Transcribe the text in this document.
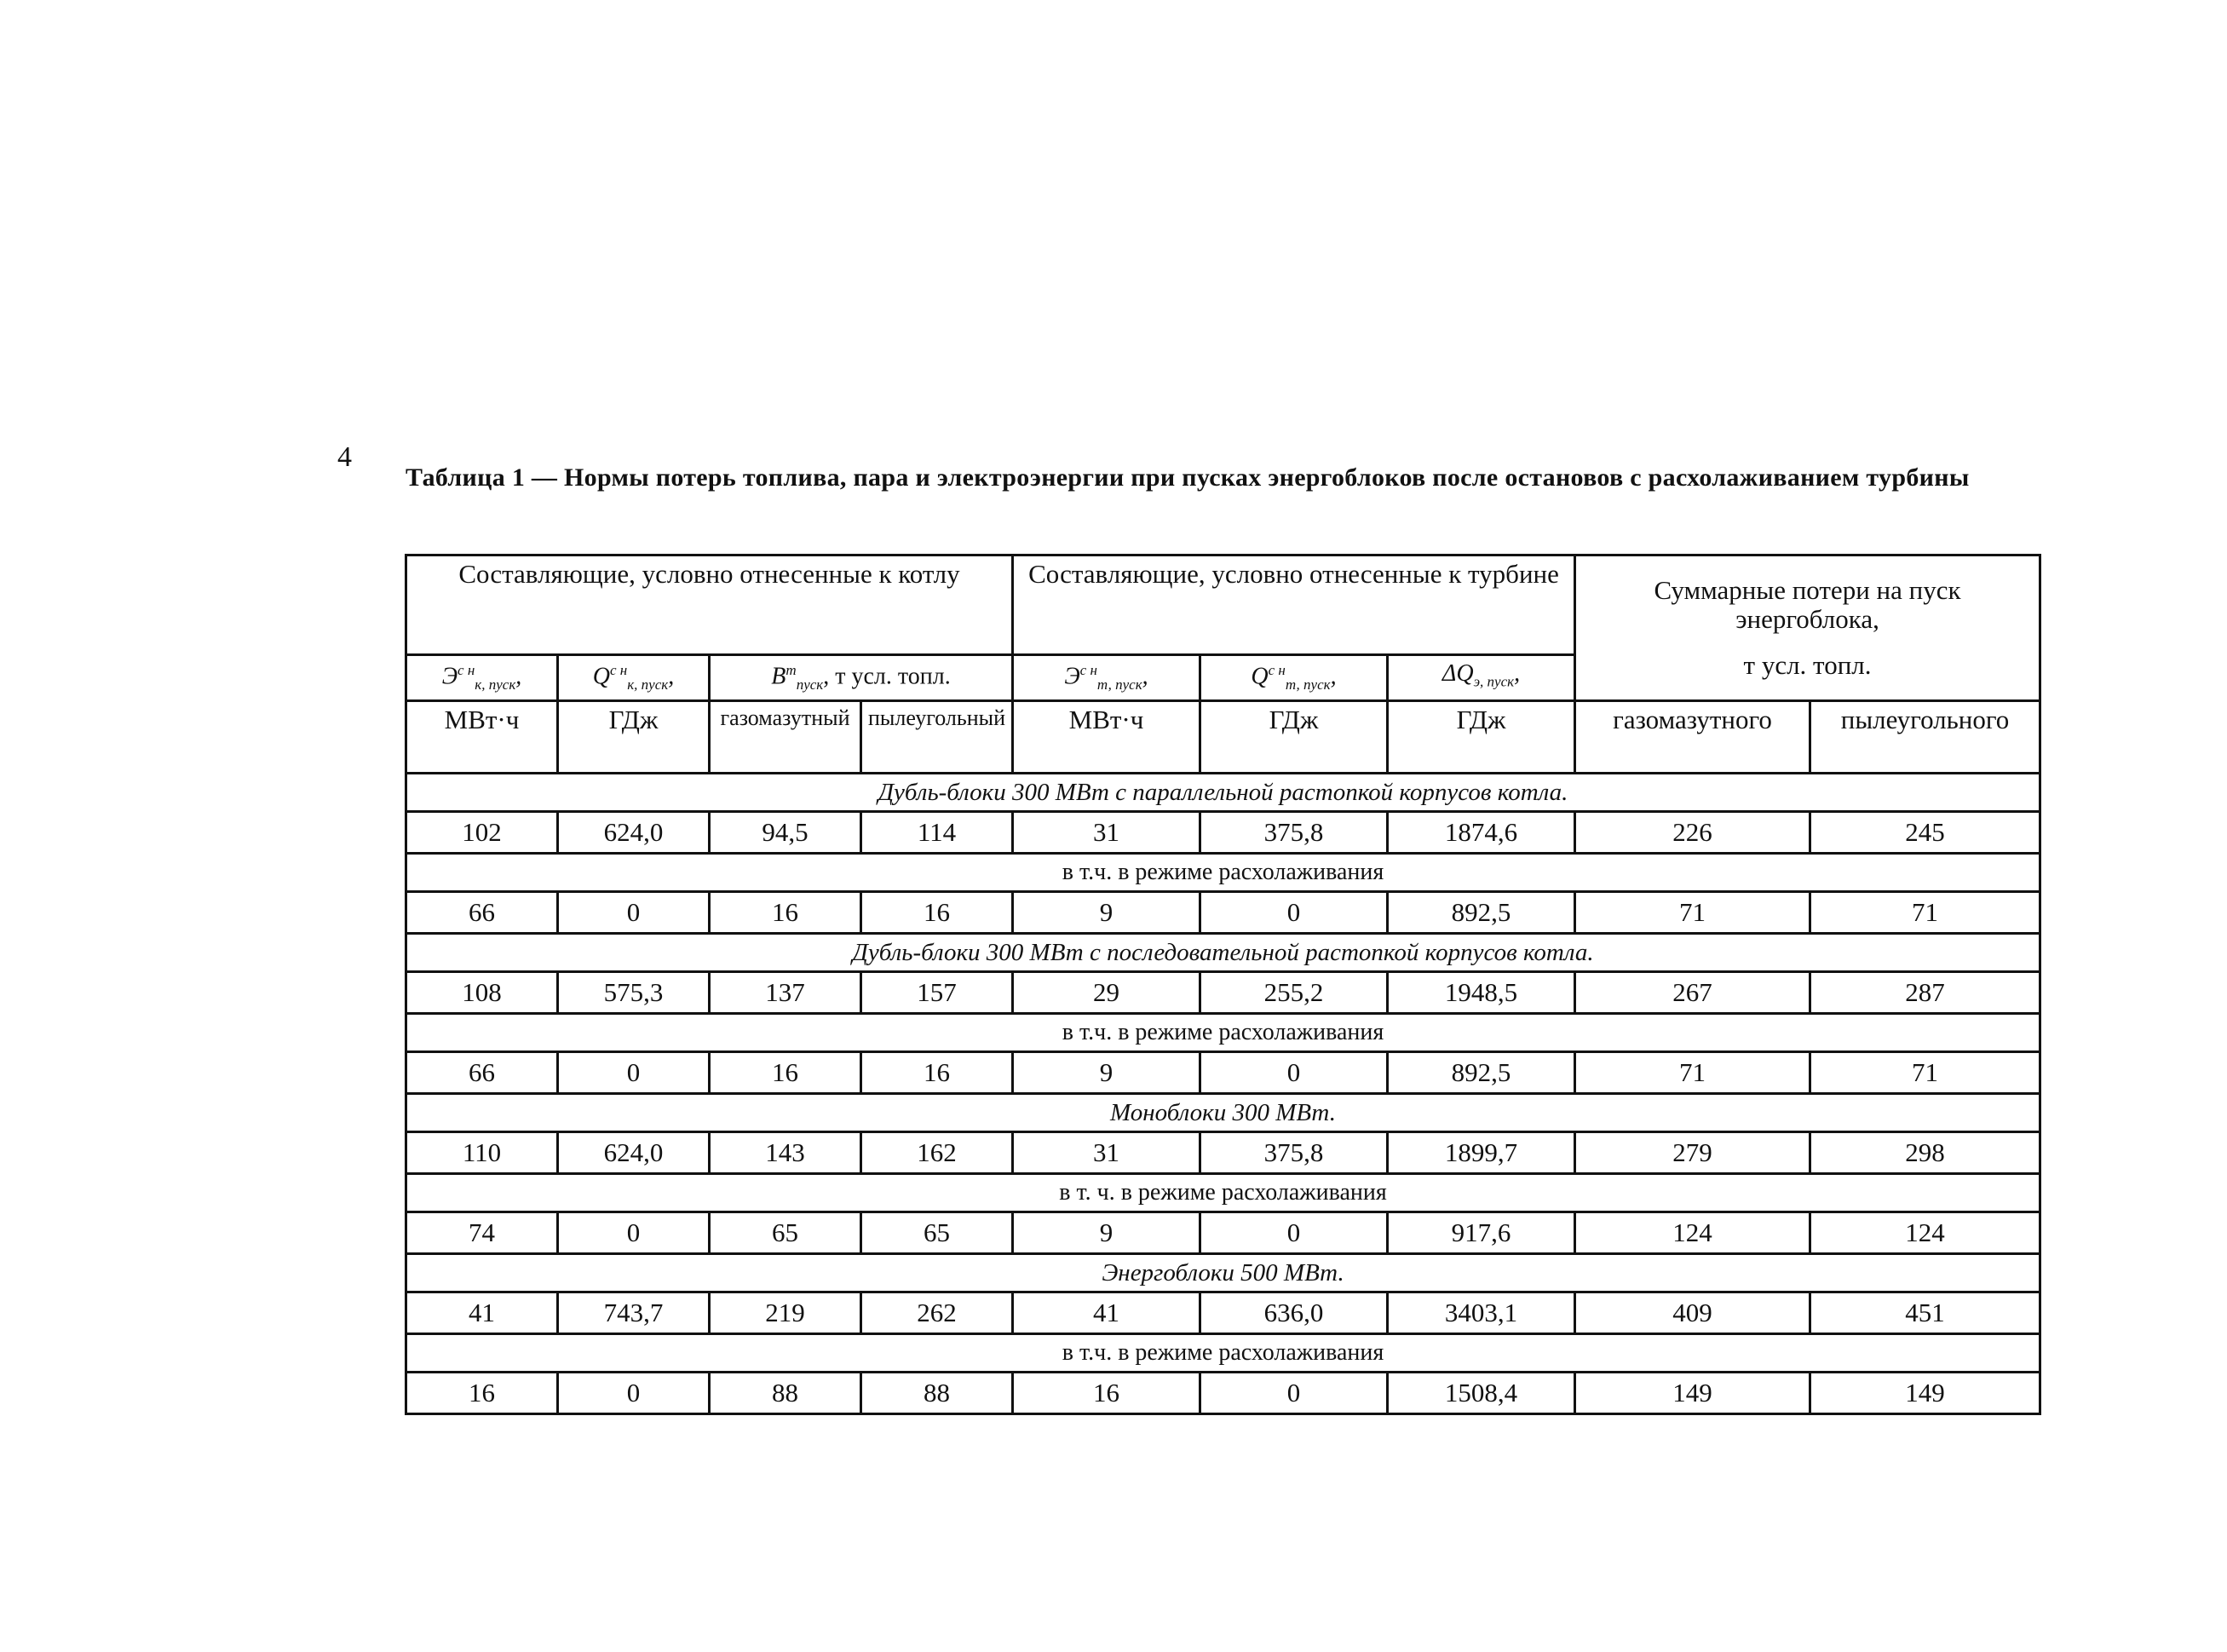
4
Таблица 1 — Нормы потерь топлива, пара и электроэнергии при пусках энергоблоков после остановов с расхолаживанием турбины
Составляющие, условно отнесенные к котлу				Составляющие, условно отнесенные к турбине			Суммарные потери на пуск энергоблока,
т усл. топл.	

$Э^{с н}_{к, пуск}$,	$Q^{с н}_{к, пуск}$,	$B^т_{пуск}$, т усл. топл.		$Э^{с н}_{т, пуск}$,	$Q^{с н}_{т, пуск}$,	$\Delta Q_{э, пуск}$,		
МВт·ч	ГДж	газомазутный	пылеугольный	МВт·ч	ГДж	ГДж	газомазутного	пылеугольного
Дубль-блоки 300 МВт с параллельной растопкой корпусов котла.								
102	624,0	94,5	114	31	375,8	1874,6	226	245
в т.ч. в режиме расхолаживания								
66	0	16	16	9	0	892,5	71	71
Дубль-блоки 300 МВт с последовательной растопкой корпусов котла.								
108	575,3	137	157	29	255,2	1948,5	267	287
в т.ч. в режиме расхолаживания								
66	0	16	16	9	0	892,5	71	71
Моноблоки 300 МВт.								
110	624,0	143	162	31	375,8	1899,7	279	298
в т. ч. в режиме расхолаживания								
74	0	65	65	9	0	917,6	124	124
Энергоблоки 500 МВт.								
41	743,7	219	262	41	636,0	3403,1	409	451
в т.ч. в режиме расхолаживания								
16	0	88	88	16	0	1508,4	149	149
